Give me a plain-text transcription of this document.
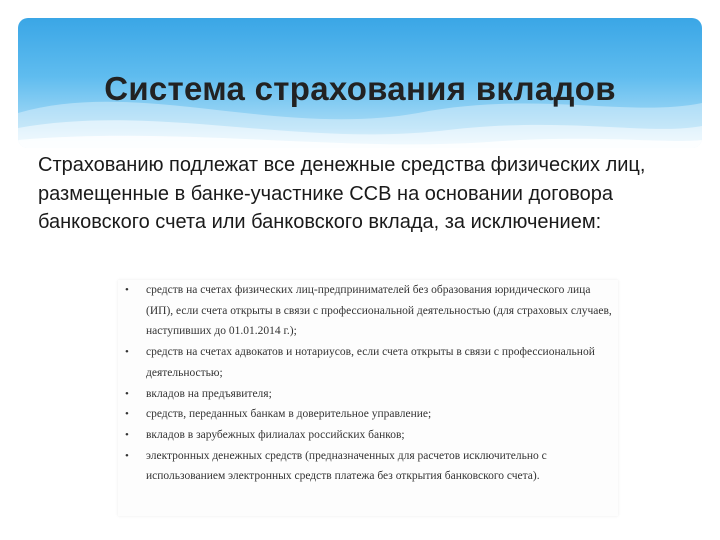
Система страхования вкладов

Страхованию подлежат все денежные средства физических лиц, размещенные в банке-участнике ССВ на основании договора банковского счета или банковского вклада, за исключением:

• средств на счетах физических лиц-предпринимателей без образования юридического лица (ИП), если счета открыты в связи с профессиональной деятельностью (для страховых случаев, наступивших до 01.01.2014 г.);
• средств на счетах адвокатов и нотариусов, если счета открыты в связи с профессиональной деятельностью;
• вкладов на предъявителя;
• средств, переданных банкам в доверительное управление;
• вкладов в зарубежных филиалах российских банков;
• электронных денежных средств (предназначенных для расчетов исключительно с использованием электронных средств платежа без открытия банковского счета).
